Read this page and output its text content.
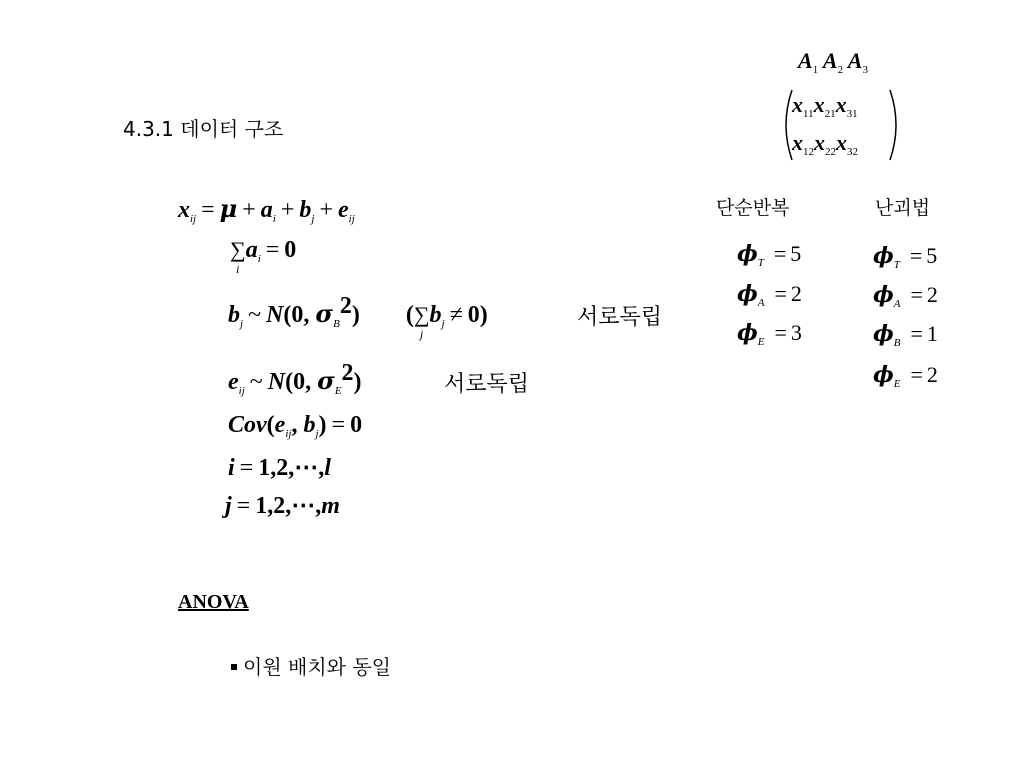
4.3.1 데이터 구조
$A_1$ $A_2$ $A_3$
$x_{11}x_{21}x_{31}$
$x_{12}x_{22}x_{32}$
$x_{ij} = \mu + a_i + b_j + e_{ij}$
∑
i
$a_i = 0$
$b_j$ ~ N(0, $\sigma_B^2$) (∑
j
$b_j \ne 0$)	서로독립
$e_{ij}$ ~ N(0, $\sigma_E^2$)	서로독립
$Cov(e_{ij}$, $b_j) = 0$
i = 1,2,⋯,l
j = 1,2,⋯,m
단순반복
$\phi_T = 5$
$\phi_A = 2$
$\phi_E = 3$
난괴법
$\phi_T = 5$
$\phi_A = 2$
$\phi_B = 1$
$\phi_E = 2$
ANOVA
이원 배치와 동일
